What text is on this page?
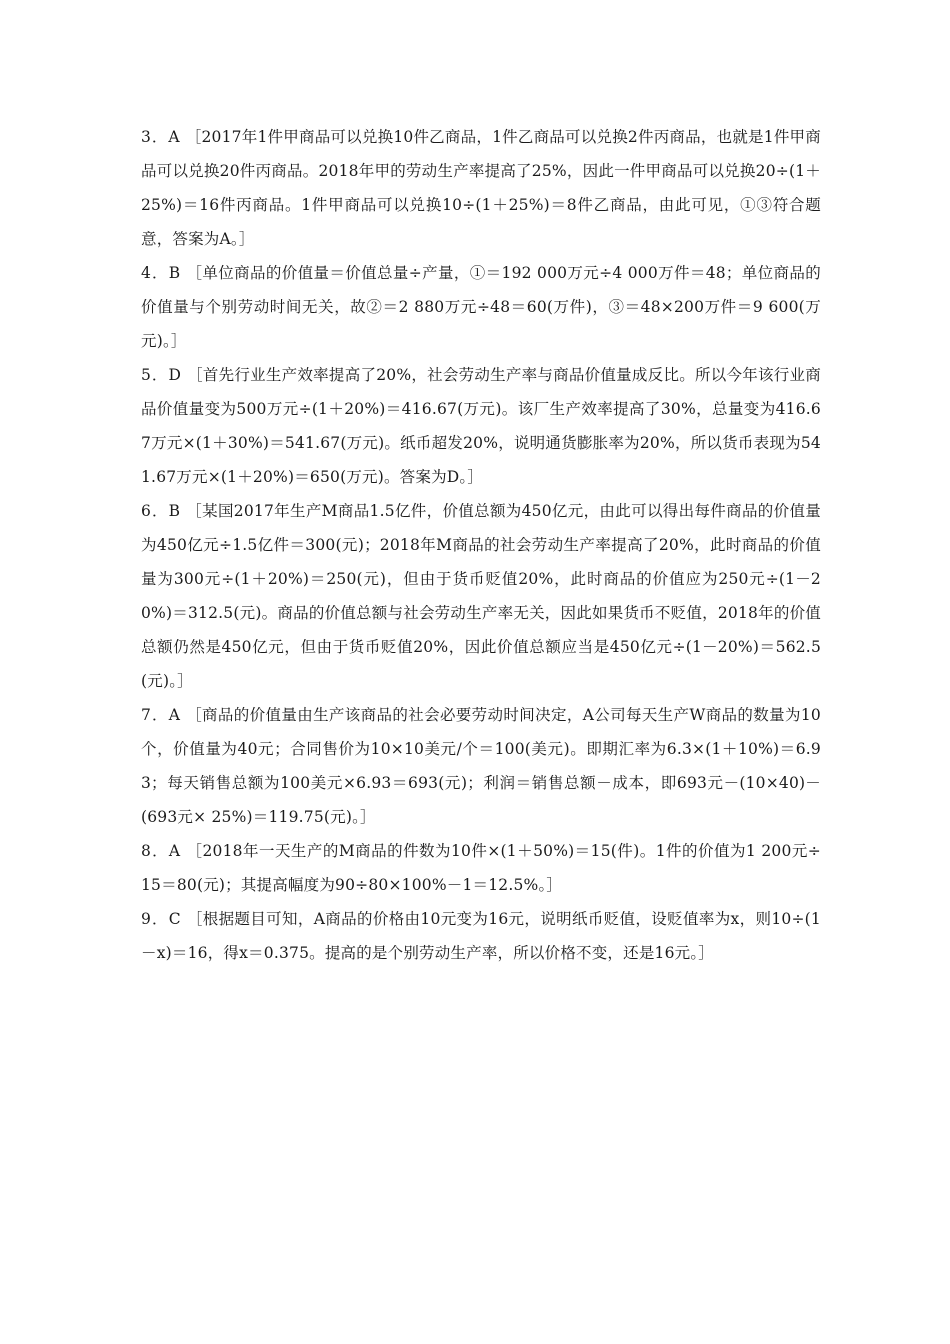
3．A ［2017年1件甲商品可以兑换10件乙商品，1件乙商品可以兑换2件丙商品，也就是1件甲商品可以兑换20件丙商品。2018年甲的劳动生产率提高了25%，因此一件甲商品可以兑换20÷(1＋25%)＝16件丙商品。1件甲商品可以兑换10÷(1＋25%)＝8件乙商品，由此可见，①③符合题意，答案为A。］

4．B ［单位商品的价值量＝价值总量÷产量，①＝192 000万元÷4 000万件＝48；单位商品的价值量与个别劳动时间无关，故②＝2 880万元÷48＝60(万件)，③＝48×200万件＝9 600(万元)。］

5．D ［首先行业生产效率提高了20%，社会劳动生产率与商品价值量成反比。所以今年该行业商品价值量变为500万元÷(1＋20%)＝416.67(万元)。该厂生产效率提高了30%，总量变为416.67万元×(1＋30%)＝541.67(万元)。纸币超发20%，说明通货膨胀率为20%，所以货币表现为541.67万元×(1＋20%)＝650(万元)。答案为D。］

6．B ［某国2017年生产M商品1.5亿件，价值总额为450亿元，由此可以得出每件商品的价值量为450亿元÷1.5亿件＝300(元)；2018年M商品的社会劳动生产率提高了20%，此时商品的价值量为300元÷(1＋20%)＝250(元)，但由于货币贬值20%，此时商品的价值应为250元÷(1－20%)＝312.5(元)。商品的价值总额与社会劳动生产率无关，因此如果货币不贬值，2018年的价值总额仍然是450亿元，但由于货币贬值20%，因此价值总额应当是450亿元÷(1－20%)＝562.5(元)。］

7．A ［商品的价值量由生产该商品的社会必要劳动时间决定，A公司每天生产W商品的数量为10个，价值量为40元；合同售价为10×10美元/个＝100(美元)。即期汇率为6.3×(1＋10%)＝6.93；每天销售总额为100美元×6.93＝693(元)；利润＝销售总额－成本，即693元－(10×40)－(693元× 25%)＝119.75(元)。］

8．A ［2018年一天生产的M商品的件数为10件×(1＋50%)＝15(件)。1件的价值为1 200元÷15＝80(元)；其提高幅度为90÷80×100%－1＝12.5%。］

9．C ［根据题目可知，A商品的价格由10元变为16元，说明纸币贬值，设贬值率为x，则10÷(1－x)＝16，得x＝0.375。提高的是个别劳动生产率，所以价格不变，还是16元。］
